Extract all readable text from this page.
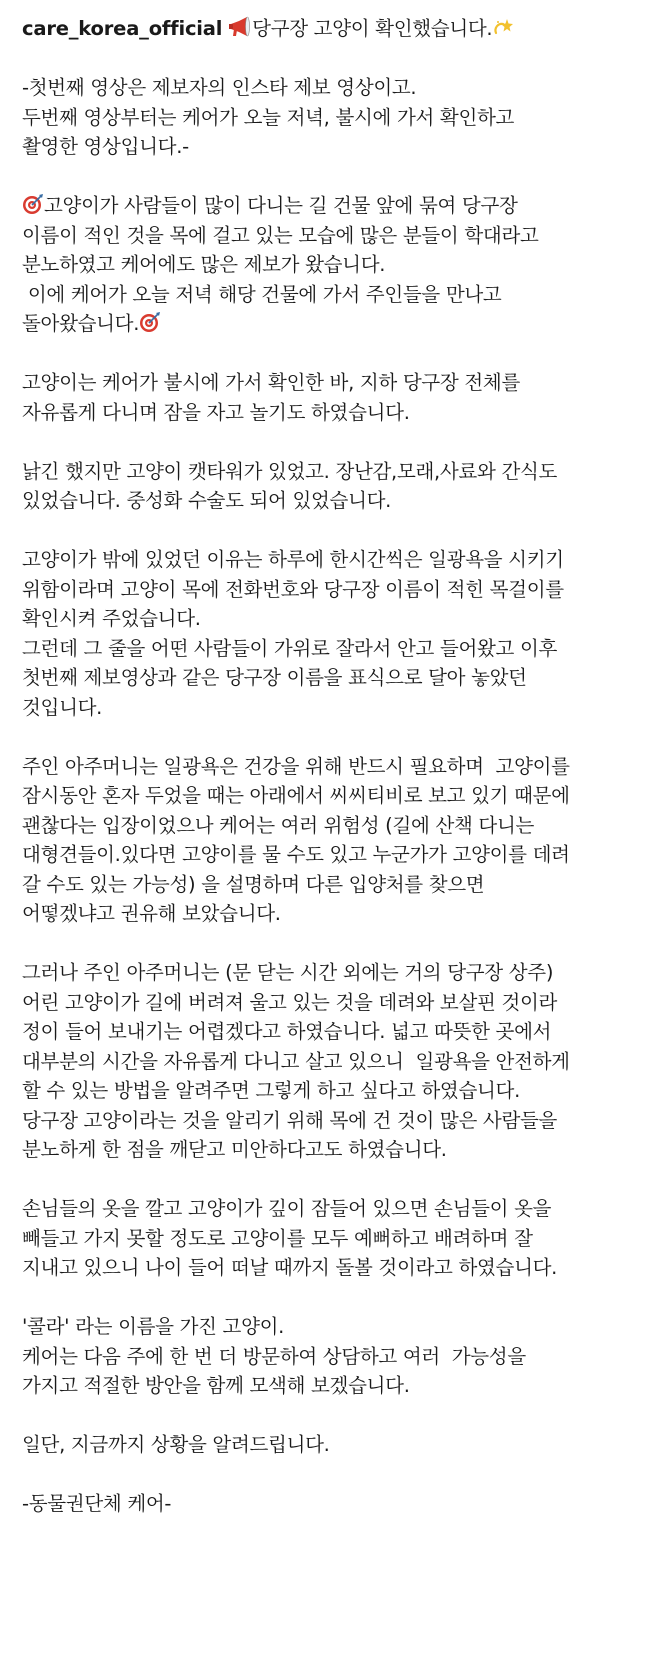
care_korea_official 당구장 고양이 확인했습니다.
-첫번째 영상은 제보자의 인스타 제보 영상이고.
두번째 영상부터는 케어가 오늘 저녁, 불시에 가서 확인하고
촬영한 영상입니다.-
고양이가 사람들이 많이 다니는 길 건물 앞에 묶여 당구장
이름이 적인 것을 목에 걸고 있는 모습에 많은 분들이 학대라고
분노하였고 케어에도 많은 제보가 왔습니다.
이에 케어가 오늘 저녁 해당 건물에 가서 주인들을 만나고
돌아왔습니다.
고양이는 케어가 불시에 가서 확인한 바, 지하 당구장 전체를
자유롭게 다니며 잠을 자고 놀기도 하였습니다.
낡긴 했지만 고양이 캣타워가 있었고. 장난감,모래,사료와 간식도
있었습니다. 중성화 수술도 되어 있었습니다.
고양이가 밖에 있었던 이유는 하루에 한시간씩은 일광욕을 시키기
위함이라며 고양이 목에 전화번호와 당구장 이름이 적힌 목걸이를
확인시켜 주었습니다.
그런데 그 줄을 어떤 사람들이 가위로 잘라서 안고 들어왔고 이후
첫번째 제보영상과 같은 당구장 이름을 표식으로 달아 놓았던
것입니다.
주인 아주머니는 일광욕은 건강을 위해 반드시 필요하며  고양이를
잠시동안 혼자 두었을 때는 아래에서 씨씨티비로 보고 있기 때문에
괜찮다는 입장이었으나 케어는 여러 위험성 (길에 산책 다니는
대형견들이.있다면 고양이를 물 수도 있고 누군가가 고양이를 데려
갈 수도 있는 가능성) 을 설명하며 다른 입양처를 찾으면
어떻겠냐고 권유해 보았습니다.
그러나 주인 아주머니는 (문 닫는 시간 외에는 거의 당구장 상주)
어린 고양이가 길에 버려져 울고 있는 것을 데려와 보살핀 것이라
정이 들어 보내기는 어렵겠다고 하였습니다. 넓고 따뜻한 곳에서
대부분의 시간을 자유롭게 다니고 살고 있으니  일광욕을 안전하게
할 수 있는 방법을 알려주면 그렇게 하고 싶다고 하였습니다.
당구장 고양이라는 것을 알리기 위해 목에 건 것이 많은 사람들을
분노하게 한 점을 깨닫고 미안하다고도 하였습니다.
손님들의 옷을 깔고 고양이가 깊이 잠들어 있으면 손님들이 옷을
빼들고 가지 못할 정도로 고양이를 모두 예뻐하고 배려하며 잘
지내고 있으니 나이 들어 떠날 때까지 돌볼 것이라고 하였습니다.
'콜라' 라는 이름을 가진 고양이.
케어는 다음 주에 한 번 더 방문하여 상담하고 여러  가능성을
가지고 적절한 방안을 함께 모색해 보겠습니다.
일단, 지금까지 상황을 알려드립니다.
-동물권단체 케어-
